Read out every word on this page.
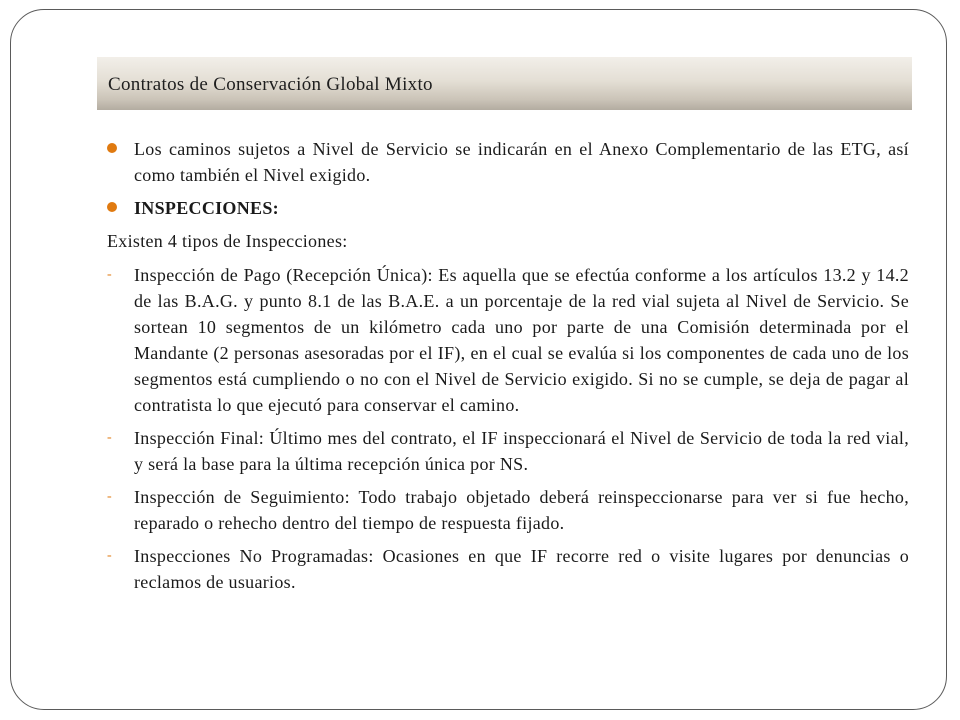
Contratos de Conservación Global Mixto
Los caminos sujetos a Nivel de Servicio se indicarán en el Anexo Complementario de las ETG, así como también el Nivel exigido.
INSPECCIONES:
Existen 4 tipos de Inspecciones:
- Inspección de Pago (Recepción Única): Es aquella que se efectúa conforme a los artículos 13.2 y 14.2 de las B.A.G. y punto 8.1 de las B.A.E. a un porcentaje de la red vial sujeta al Nivel de Servicio. Se sortean 10 segmentos de un kilómetro cada uno por parte de una Comisión determinada por el Mandante (2 personas asesoradas por el IF), en el cual se evalúa si los componentes de cada uno de los segmentos está cumpliendo o no con el Nivel de Servicio exigido. Si no se cumple, se deja de pagar al contratista lo que ejecutó para conservar el camino.
- Inspección Final: Último mes del contrato, el IF inspeccionará el Nivel de Servicio de toda la red vial, y será la base para la última recepción única por NS.
- Inspección de Seguimiento: Todo trabajo objetado deberá reinspeccionarse para ver si fue hecho, reparado o rehecho dentro del tiempo de respuesta fijado.
- Inspecciones No Programadas: Ocasiones en que IF recorre red o visite lugares por denuncias o reclamos de usuarios.
